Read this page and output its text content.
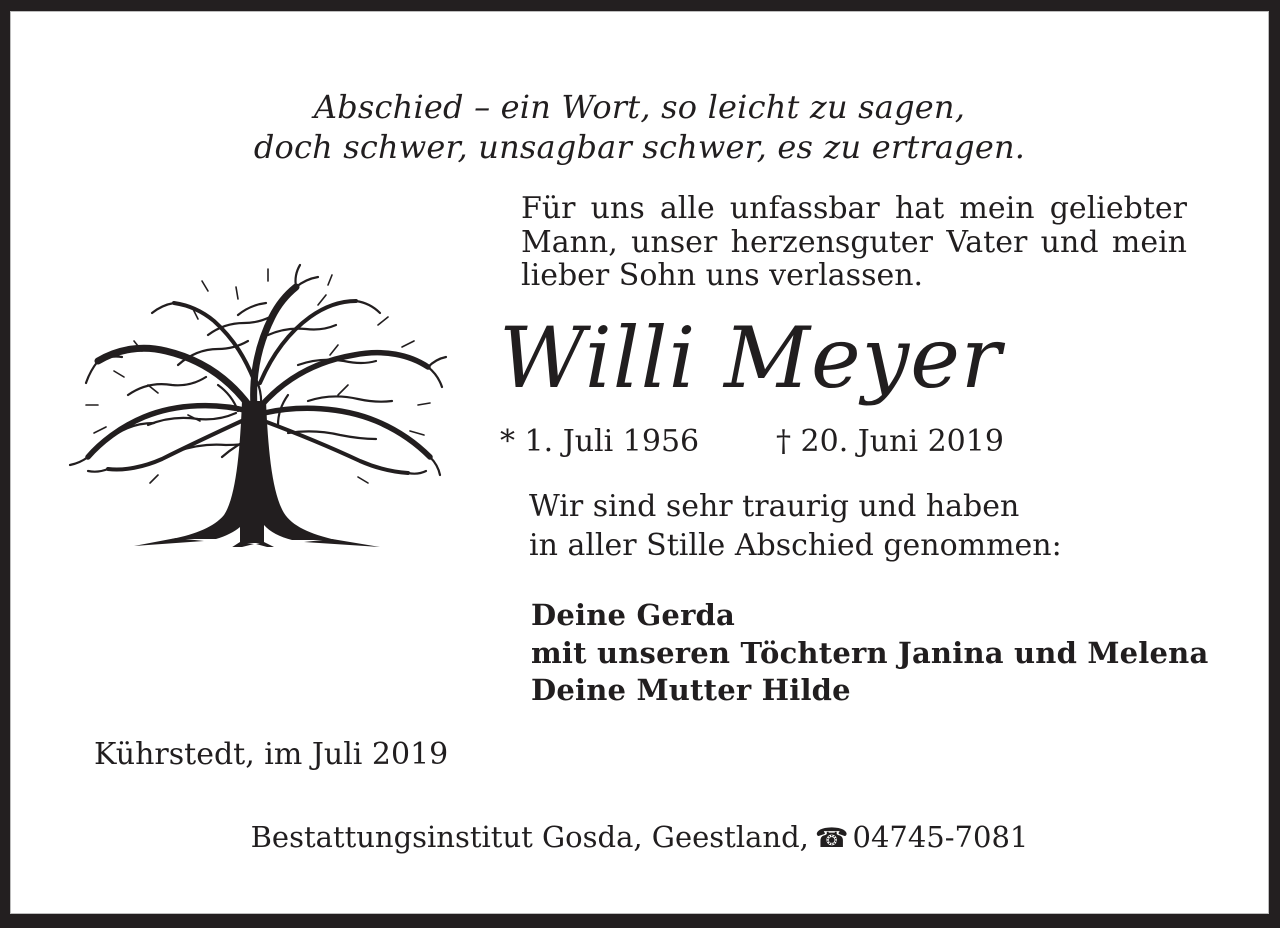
Abschied – ein Wort, so leicht zu sagen,
doch schwer, unsagbar schwer, es zu ertragen.
Für uns alle unfassbar hat mein geliebter
Mann, unser herzensguter Vater und mein
lieber Sohn uns verlassen.
Willi Meyer
* 1. Juli 1956	† 20. Juni 2019
Wir sind sehr traurig und haben
in aller Stille Abschied genommen:
Deine Gerda
mit unseren Töchtern Janina und Melena
Deine Mutter Hilde
Kührstedt, im Juli 2019
Bestattungsinstitut Gosda, Geestland, ☎ 04745-7081
